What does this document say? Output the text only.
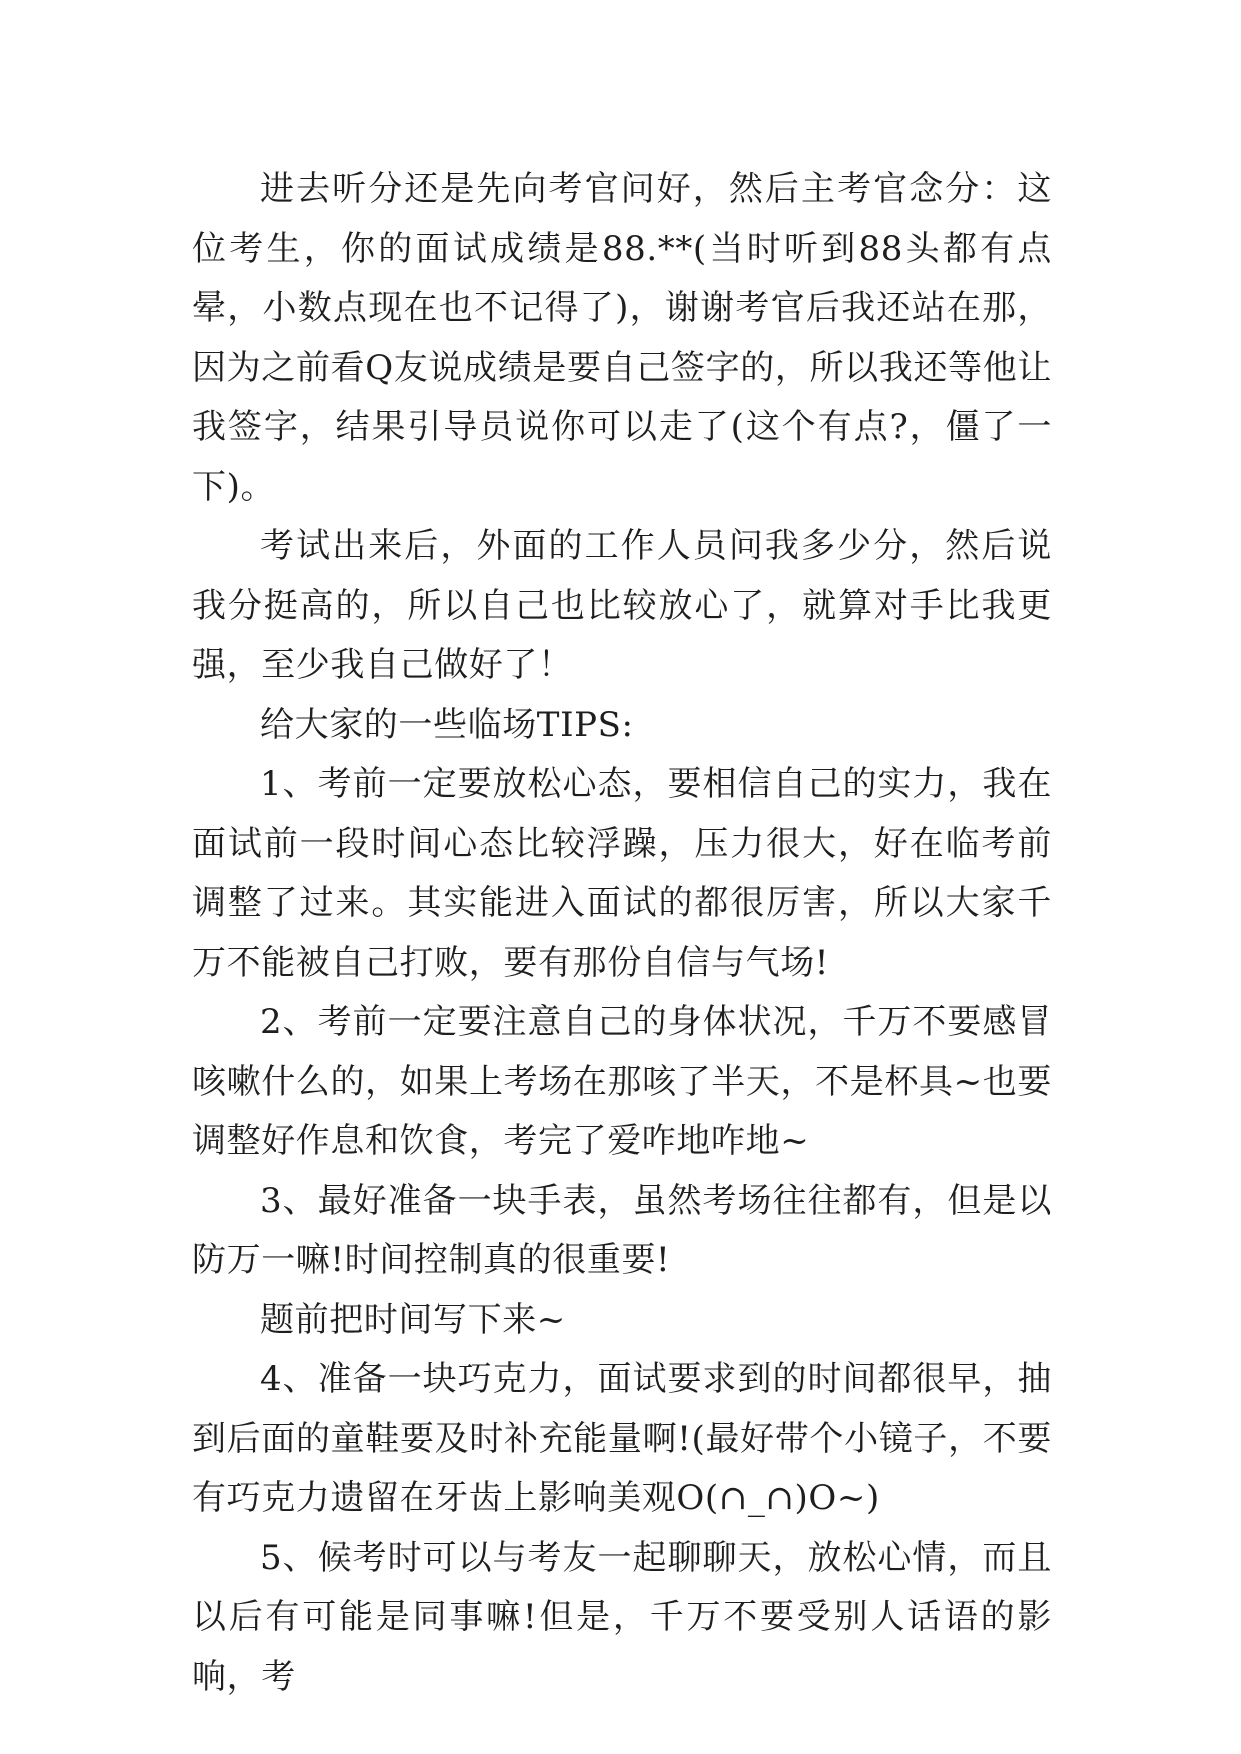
进去听分还是先向考官问好，然后主考官念分：这位考生，你的面试成绩是88.**(当时听到88头都有点晕，小数点现在也不记得了)，谢谢考官后我还站在那，因为之前看Q友说成绩是要自己签字的，所以我还等他让我签字，结果引导员说你可以走了(这个有点?，僵了一下)。

考试出来后，外面的工作人员问我多少分，然后说我分挺高的，所以自己也比较放心了，就算对手比我更强，至少我自己做好了！

给大家的一些临场TIPS:

1、考前一定要放松心态，要相信自己的实力，我在面试前一段时间心态比较浮躁，压力很大，好在临考前调整了过来。其实能进入面试的都很厉害，所以大家千万不能被自己打败，要有那份自信与气场!

2、考前一定要注意自己的身体状况，千万不要感冒咳嗽什么的，如果上考场在那咳了半天，不是杯具~也要调整好作息和饮食，考完了爱咋地咋地~

3、最好准备一块手表，虽然考场往往都有，但是以防万一嘛!时间控制真的很重要!

题前把时间写下来~

4、准备一块巧克力，面试要求到的时间都很早，抽到后面的童鞋要及时补充能量啊!(最好带个小镜子，不要有巧克力遗留在牙齿上影响美观O(∩_∩)O~)

5、候考时可以与考友一起聊聊天，放松心情，而且以后有可能是同事嘛!但是，千万不要受别人话语的影响，考
